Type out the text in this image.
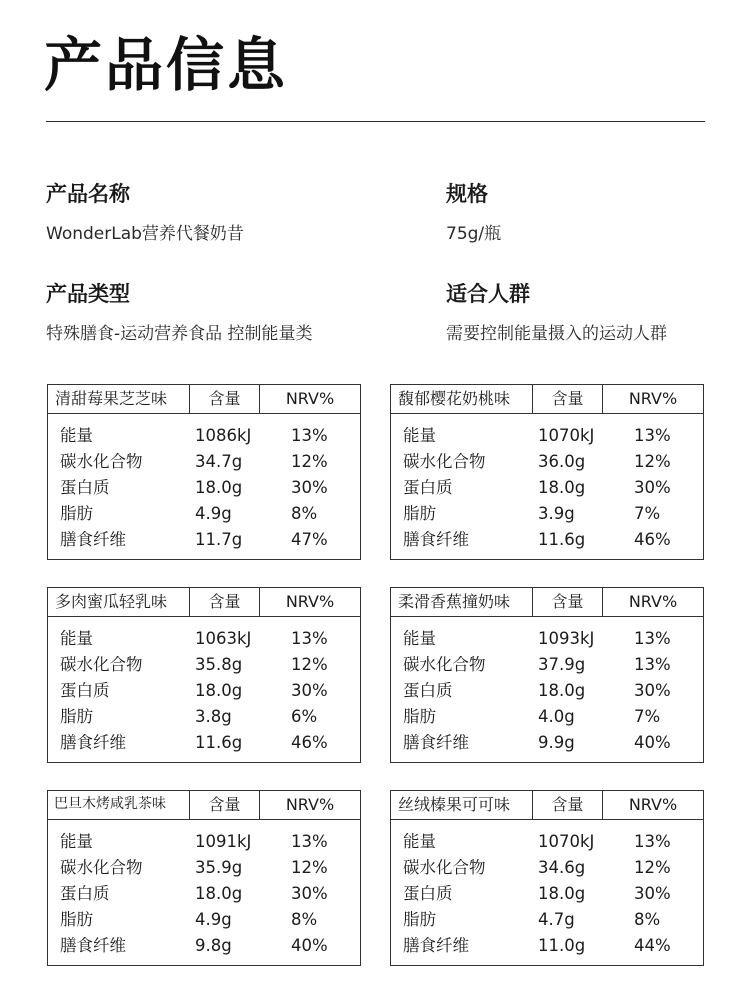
产品信息
产品名称
WonderLab营养代餐奶昔
规格
75g/瓶
产品类型
特殊膳食-运动营养食品 控制能量类
适合人群
需要控制能量摄入的运动人群
清甜莓果芝芝味	含量	NRV%
能量	1086kJ	13%
碳水化合物	34.7g	12%
蛋白质	18.0g	30%
脂肪	4.9g	8%
膳食纤维	11.7g	47%
馥郁樱花奶桃味	含量	NRV%
能量	1070kJ	13%
碳水化合物	36.0g	12%
蛋白质	18.0g	30%
脂肪	3.9g	7%
膳食纤维	11.6g	46%
多肉蜜瓜轻乳味	含量	NRV%
能量	1063kJ	13%
碳水化合物	35.8g	12%
蛋白质	18.0g	30%
脂肪	3.8g	6%
膳食纤维	11.6g	46%
柔滑香蕉撞奶味	含量	NRV%
能量	1093kJ	13%
碳水化合物	37.9g	13%
蛋白质	18.0g	30%
脂肪	4.0g	7%
膳食纤维	9.9g	40%
巴旦木烤咸乳茶味	含量	NRV%
能量	1091kJ	13%
碳水化合物	35.9g	12%
蛋白质	18.0g	30%
脂肪	4.9g	8%
膳食纤维	9.8g	40%
丝绒榛果可可味	含量	NRV%
能量	1070kJ	13%
碳水化合物	34.6g	12%
蛋白质	18.0g	30%
脂肪	4.7g	8%
膳食纤维	11.0g	44%
